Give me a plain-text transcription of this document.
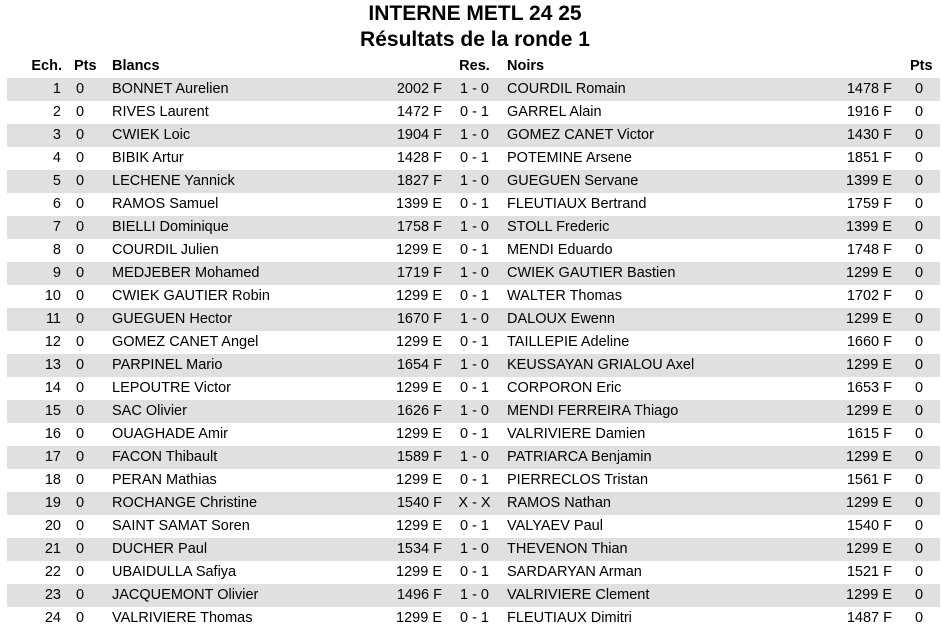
INTERNE METL 24 25
Résultats de la ronde 1
Ech.	Pts	Blancs		Res.	Noirs		Pts
1	0	BONNET Aurelien	2002 F	1 - 0	COURDIL Romain	1478 F	0
2	0	RIVES Laurent	1472 F	0 - 1	GARREL Alain	1916 F	0
3	0	CWIEK Loic	1904 F	1 - 0	GOMEZ CANET Victor	1430 F	0
4	0	BIBIK Artur	1428 F	0 - 1	POTEMINE Arsene	1851 F	0
5	0	LECHENE Yannick	1827 F	1 - 0	GUEGUEN Servane	1399 E	0
6	0	RAMOS Samuel	1399 E	0 - 1	FLEUTIAUX Bertrand	1759 F	0
7	0	BIELLI Dominique	1758 F	1 - 0	STOLL Frederic	1399 E	0
8	0	COURDIL Julien	1299 E	0 - 1	MENDI Eduardo	1748 F	0
9	0	MEDJEBER Mohamed	1719 F	1 - 0	CWIEK GAUTIER Bastien	1299 E	0
10	0	CWIEK GAUTIER Robin	1299 E	0 - 1	WALTER Thomas	1702 F	0
11	0	GUEGUEN Hector	1670 F	1 - 0	DALOUX Ewenn	1299 E	0
12	0	GOMEZ CANET Angel	1299 E	0 - 1	TAILLEPIE Adeline	1660 F	0
13	0	PARPINEL Mario	1654 F	1 - 0	KEUSSAYAN GRIALOU Axel	1299 E	0
14	0	LEPOUTRE Victor	1299 E	0 - 1	CORPORON Eric	1653 F	0
15	0	SAC Olivier	1626 F	1 - 0	MENDI FERREIRA Thiago	1299 E	0
16	0	OUAGHADE Amir	1299 E	0 - 1	VALRIVIERE Damien	1615 F	0
17	0	FACON Thibault	1589 F	1 - 0	PATRIARCA Benjamin	1299 E	0
18	0	PERAN Mathias	1299 E	0 - 1	PIERRECLOS Tristan	1561 F	0
19	0	ROCHANGE Christine	1540 F	X - X	RAMOS Nathan	1299 E	0
20	0	SAINT SAMAT Soren	1299 E	0 - 1	VALYAEV Paul	1540 F	0
21	0	DUCHER Paul	1534 F	1 - 0	THEVENON Thian	1299 E	0
22	0	UBAIDULLA Safiya	1299 E	0 - 1	SARDARYAN Arman	1521 F	0
23	0	JACQUEMONT Olivier	1496 F	1 - 0	VALRIVIERE Clement	1299 E	0
24	0	VALRIVIERE Thomas	1299 E	0 - 1	FLEUTIAUX Dimitri	1487 F	0
